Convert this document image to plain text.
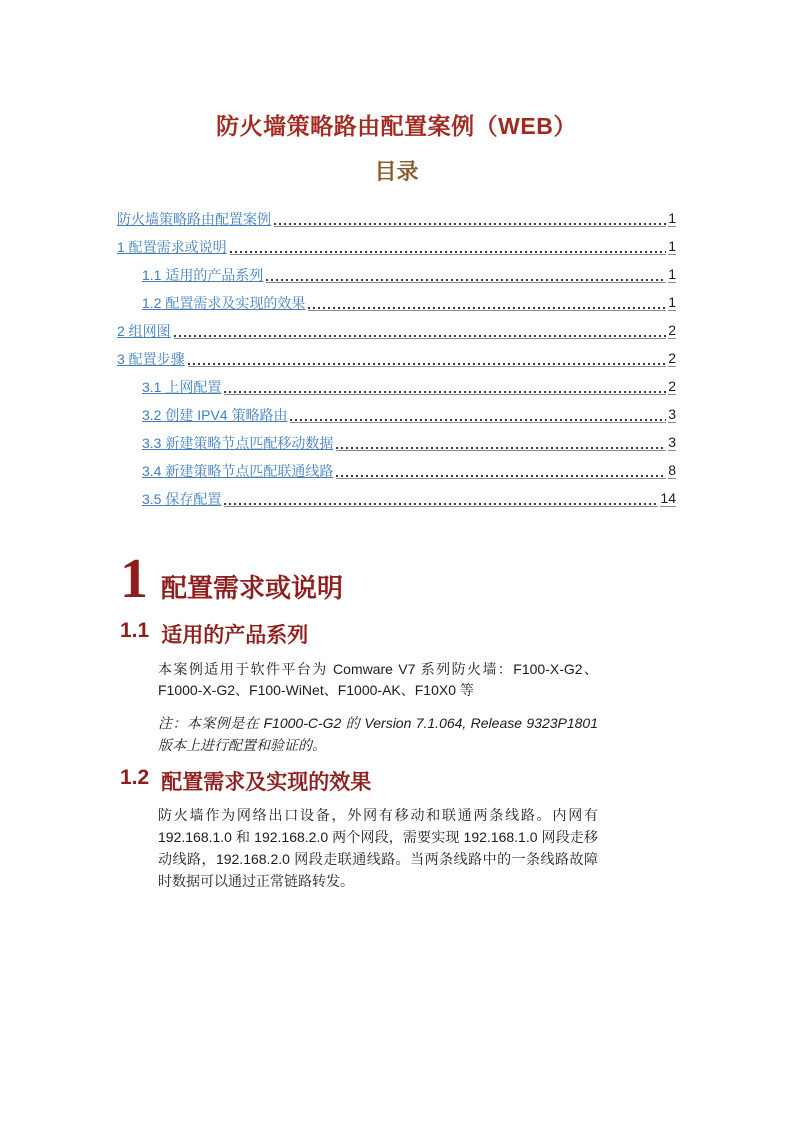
防火墙策略路由配置案例（WEB）
目录
防火墙策略路由配置案例	1
1 配置需求或说明	1
1.1 适用的产品系列	1
1.2 配置需求及实现的效果	1
2 组网图	2
3 配置步骤	2
3.1 上网配置	2
3.2 创建 IPV4 策略路由	3
3.3 新建策略节点匹配移动数据	3
3.4 新建策略节点匹配联通线路	8
3.5 保存配置	14
1 配置需求或说明
1.1 适用的产品系列

本案例适用于软件平台为 Comware V7 系列防火墙：F100-X-G2、F1000-X-G2、F100-WiNet、F1000-AK、F10X0 等

注：本案例是在 F1000-C-G2 的 Version 7.1.064, Release 9323P1801 版本上进行配置和验证的。

1.2 配置需求及实现的效果

防火墙作为网络出口设备，外网有移动和联通两条线路。内网有 192.168.1.0 和 192.168.2.0 两个网段，需要实现 192.168.1.0 网段走移动线路，192.168.2.0 网段走联通线路。当两条线路中的一条线路故障时数据可以通过正常链路转发。
